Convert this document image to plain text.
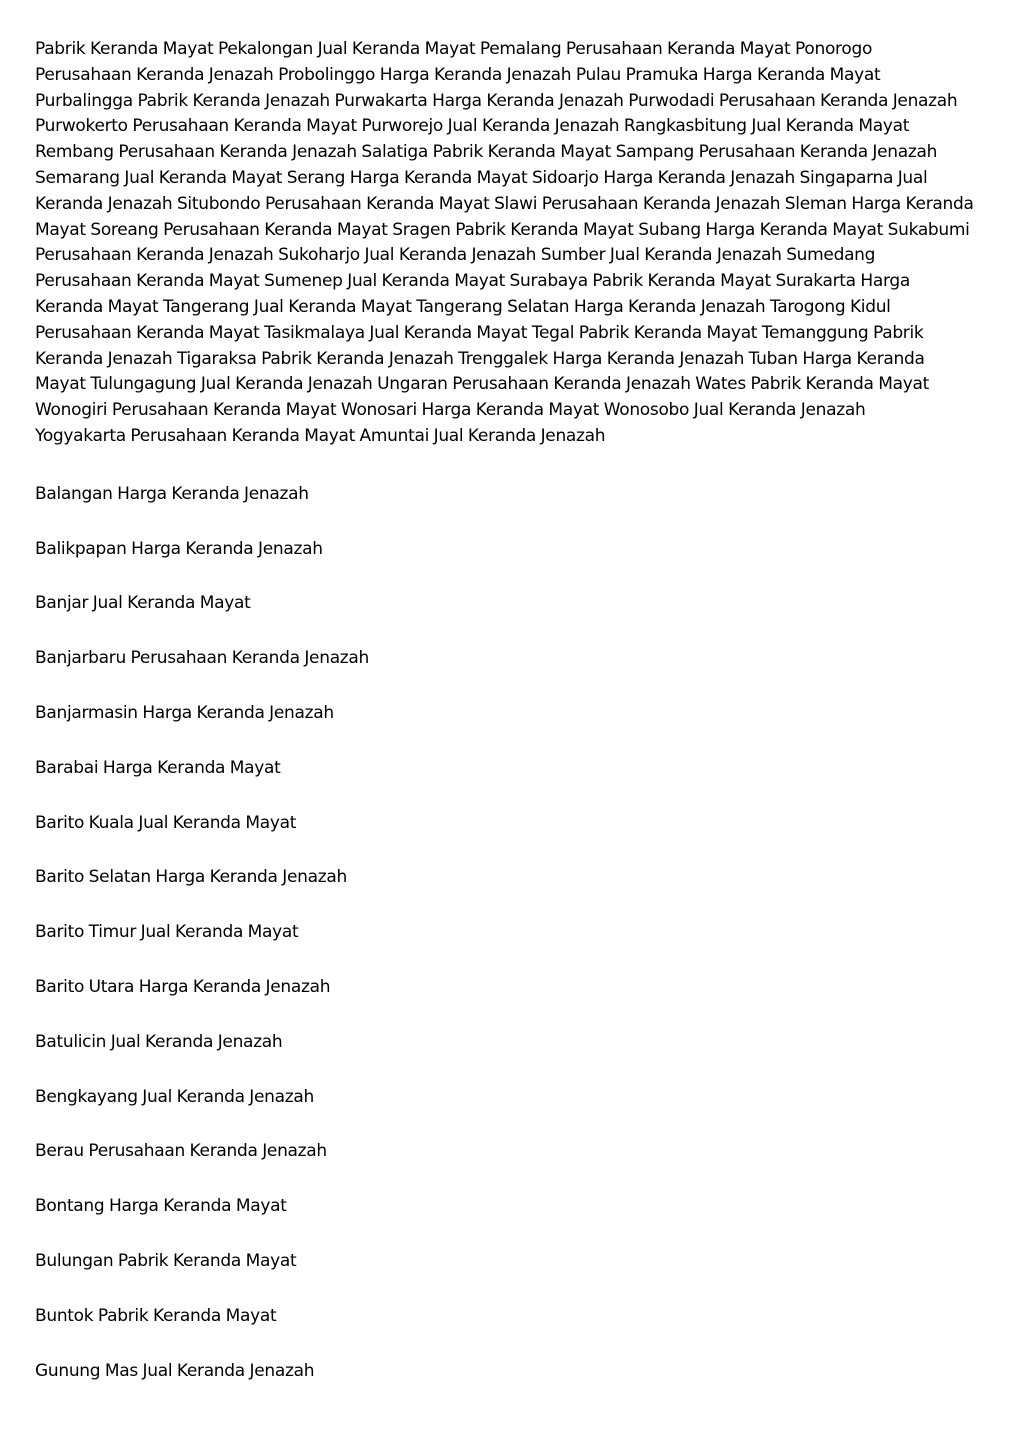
Pabrik Keranda Mayat Pekalongan Jual Keranda Mayat Pemalang Perusahaan Keranda Mayat Ponorogo
Perusahaan Keranda Jenazah Probolinggo Harga Keranda Jenazah Pulau Pramuka Harga Keranda Mayat
Purbalingga Pabrik Keranda Jenazah Purwakarta Harga Keranda Jenazah Purwodadi Perusahaan Keranda Jenazah
Purwokerto Perusahaan Keranda Mayat Purworejo Jual Keranda Jenazah Rangkasbitung Jual Keranda Mayat
Rembang Perusahaan Keranda Jenazah Salatiga Pabrik Keranda Mayat Sampang Perusahaan Keranda Jenazah
Semarang Jual Keranda Mayat Serang Harga Keranda Mayat Sidoarjo Harga Keranda Jenazah Singaparna Jual
Keranda Jenazah Situbondo Perusahaan Keranda Mayat Slawi Perusahaan Keranda Jenazah Sleman Harga Keranda
Mayat Soreang Perusahaan Keranda Mayat Sragen Pabrik Keranda Mayat Subang Harga Keranda Mayat Sukabumi
Perusahaan Keranda Jenazah Sukoharjo Jual Keranda Jenazah Sumber Jual Keranda Jenazah Sumedang
Perusahaan Keranda Mayat Sumenep Jual Keranda Mayat Surabaya Pabrik Keranda Mayat Surakarta Harga
Keranda Mayat Tangerang Jual Keranda Mayat Tangerang Selatan Harga Keranda Jenazah Tarogong Kidul
Perusahaan Keranda Mayat Tasikmalaya Jual Keranda Mayat Tegal Pabrik Keranda Mayat Temanggung Pabrik
Keranda Jenazah Tigaraksa Pabrik Keranda Jenazah Trenggalek Harga Keranda Jenazah Tuban Harga Keranda
Mayat Tulungagung Jual Keranda Jenazah Ungaran Perusahaan Keranda Jenazah Wates Pabrik Keranda Mayat
Wonogiri Perusahaan Keranda Mayat Wonosari Harga Keranda Mayat Wonosobo Jual Keranda Jenazah
Yogyakarta Perusahaan Keranda Mayat Amuntai Jual Keranda Jenazah

Balangan Harga Keranda Jenazah
Balikpapan Harga Keranda Jenazah
Banjar Jual Keranda Mayat
Banjarbaru Perusahaan Keranda Jenazah
Banjarmasin Harga Keranda Jenazah
Barabai Harga Keranda Mayat
Barito Kuala Jual Keranda Mayat
Barito Selatan Harga Keranda Jenazah
Barito Timur Jual Keranda Mayat
Barito Utara Harga Keranda Jenazah
Batulicin Jual Keranda Jenazah
Bengkayang Jual Keranda Jenazah
Berau Perusahaan Keranda Jenazah
Bontang Harga Keranda Mayat
Bulungan Pabrik Keranda Mayat
Buntok Pabrik Keranda Mayat
Gunung Mas Jual Keranda Jenazah
